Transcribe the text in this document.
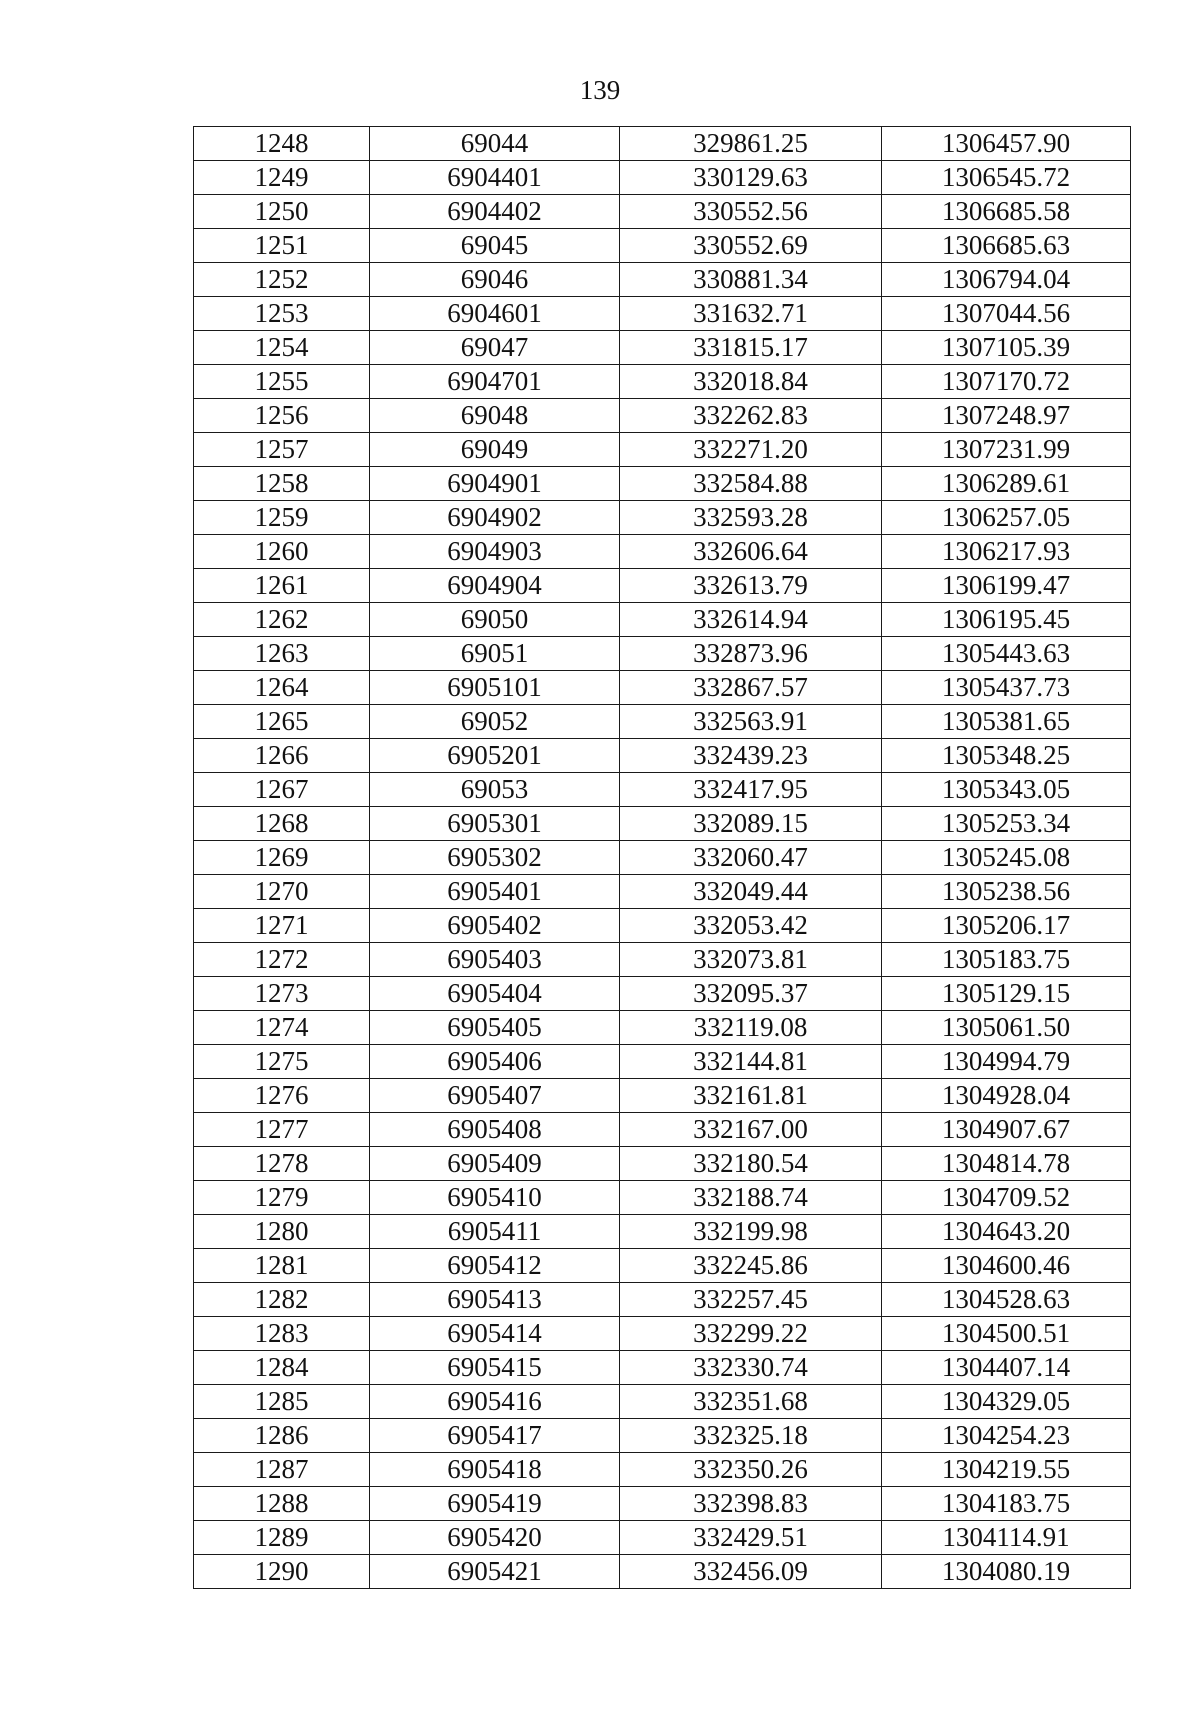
139
1248	69044	329861.25	1306457.90
1249	6904401	330129.63	1306545.72
1250	6904402	330552.56	1306685.58
1251	69045	330552.69	1306685.63
1252	69046	330881.34	1306794.04
1253	6904601	331632.71	1307044.56
1254	69047	331815.17	1307105.39
1255	6904701	332018.84	1307170.72
1256	69048	332262.83	1307248.97
1257	69049	332271.20	1307231.99
1258	6904901	332584.88	1306289.61
1259	6904902	332593.28	1306257.05
1260	6904903	332606.64	1306217.93
1261	6904904	332613.79	1306199.47
1262	69050	332614.94	1306195.45
1263	69051	332873.96	1305443.63
1264	6905101	332867.57	1305437.73
1265	69052	332563.91	1305381.65
1266	6905201	332439.23	1305348.25
1267	69053	332417.95	1305343.05
1268	6905301	332089.15	1305253.34
1269	6905302	332060.47	1305245.08
1270	6905401	332049.44	1305238.56
1271	6905402	332053.42	1305206.17
1272	6905403	332073.81	1305183.75
1273	6905404	332095.37	1305129.15
1274	6905405	332119.08	1305061.50
1275	6905406	332144.81	1304994.79
1276	6905407	332161.81	1304928.04
1277	6905408	332167.00	1304907.67
1278	6905409	332180.54	1304814.78
1279	6905410	332188.74	1304709.52
1280	6905411	332199.98	1304643.20
1281	6905412	332245.86	1304600.46
1282	6905413	332257.45	1304528.63
1283	6905414	332299.22	1304500.51
1284	6905415	332330.74	1304407.14
1285	6905416	332351.68	1304329.05
1286	6905417	332325.18	1304254.23
1287	6905418	332350.26	1304219.55
1288	6905419	332398.83	1304183.75
1289	6905420	332429.51	1304114.91
1290	6905421	332456.09	1304080.19
